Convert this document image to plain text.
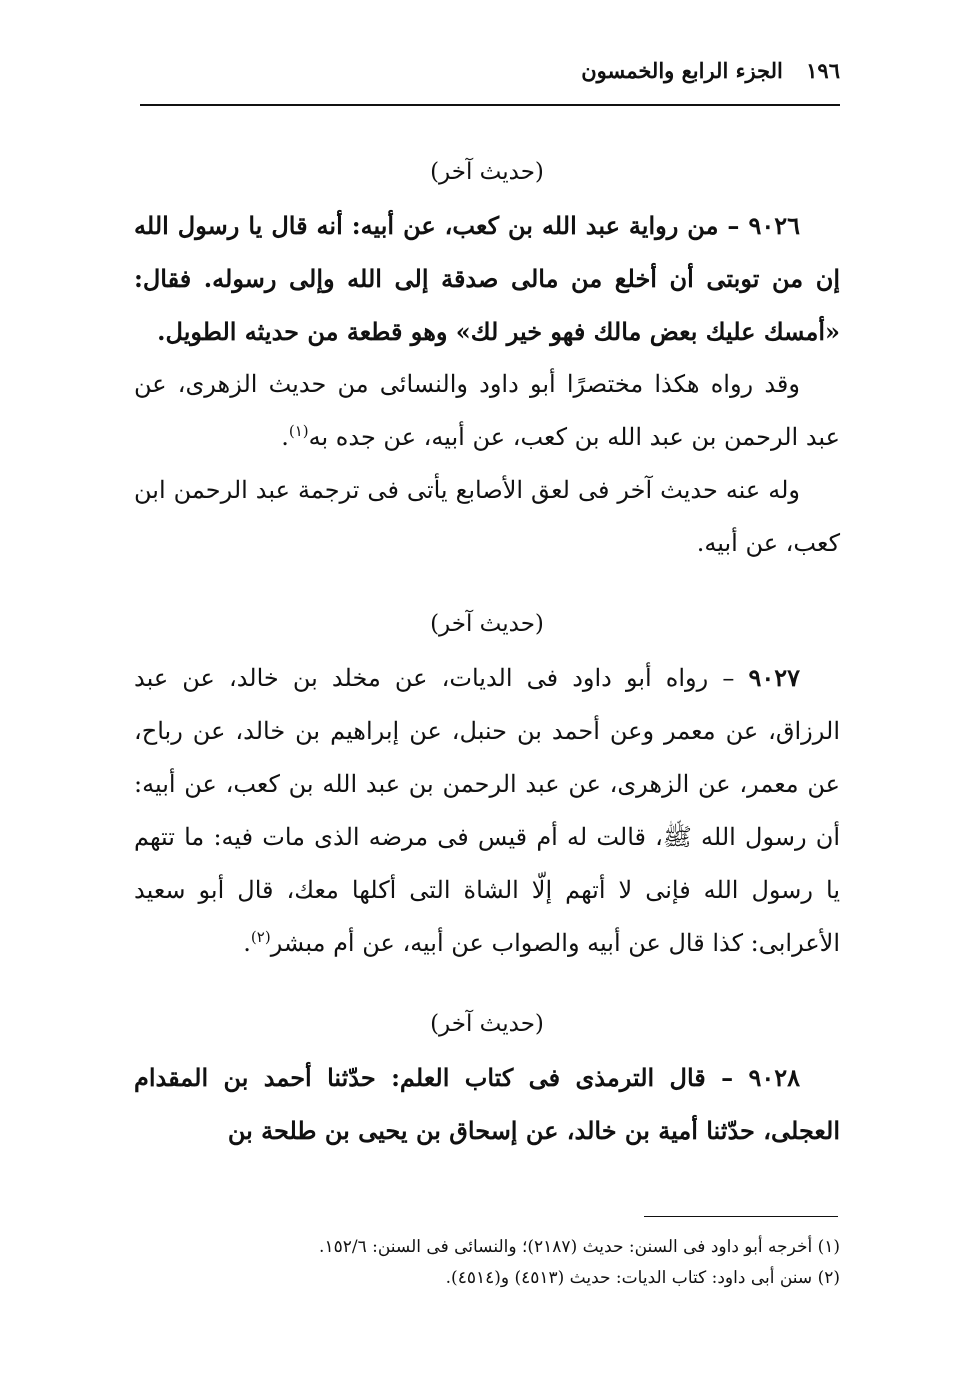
١٩٦ الجزء الرابع والخمسون

(حديث آخر)

٩٠٢٦ – من رواية عبد الله بن كعب، عن أبيه: أنه قال يا رسول الله إن من توبتى أن أخلع من مالى صدقة إلى الله وإلى رسوله. فقال: «أمسك عليك بعض مالك فهو خير لك» وهو قطعة من حديثه الطويل.

وقد رواه هكذا مختصرًا أبو داود والنسائى من حديث الزهرى، عن عبد الرحمن بن عبد الله بن كعب، عن أبيه، عن جده به$^{(١)}$.

وله عنه حديث آخر فى لعق الأصابع يأتى فى ترجمة عبد الرحمن ابن كعب، عن أبيه.

(حديث آخر)

٩٠٢٧ – رواه أبو داود فى الديات، عن مخلد بن خالد، عن عبد الرزاق، عن معمر وعن أحمد بن حنبل، عن إبراهيم بن خالد، عن رباح، عن معمر، عن الزهرى، عن عبد الرحمن بن عبد الله بن كعب، عن أبيه: أن رسول الله ﷺ، قالت له أم قيس فى مرضه الذى مات فيه: ما تتهم يا رسول الله فإنى لا أتهم إلّا الشاة التى أكلها معك، قال أبو سعيد الأعرابى: كذا قال عن أبيه والصواب عن أبيه، عن أم مبشر$^{(٢)}$.

(حديث آخر)

٩٠٢٨ – قال الترمذى فى كتاب العلم: حدّثنا أحمد بن المقدام العجلى، حدّثنا أمية بن خالد، عن إسحاق بن يحيى بن طلحة بن

(١) أخرجه أبو داود فى السنن: حديث (٢١٨٧)؛ والنسائى فى السنن: ١٥٢/٦.

(٢) سنن أبى داود: كتاب الديات: حديث (٤٥١٣) و(٤٥١٤).
